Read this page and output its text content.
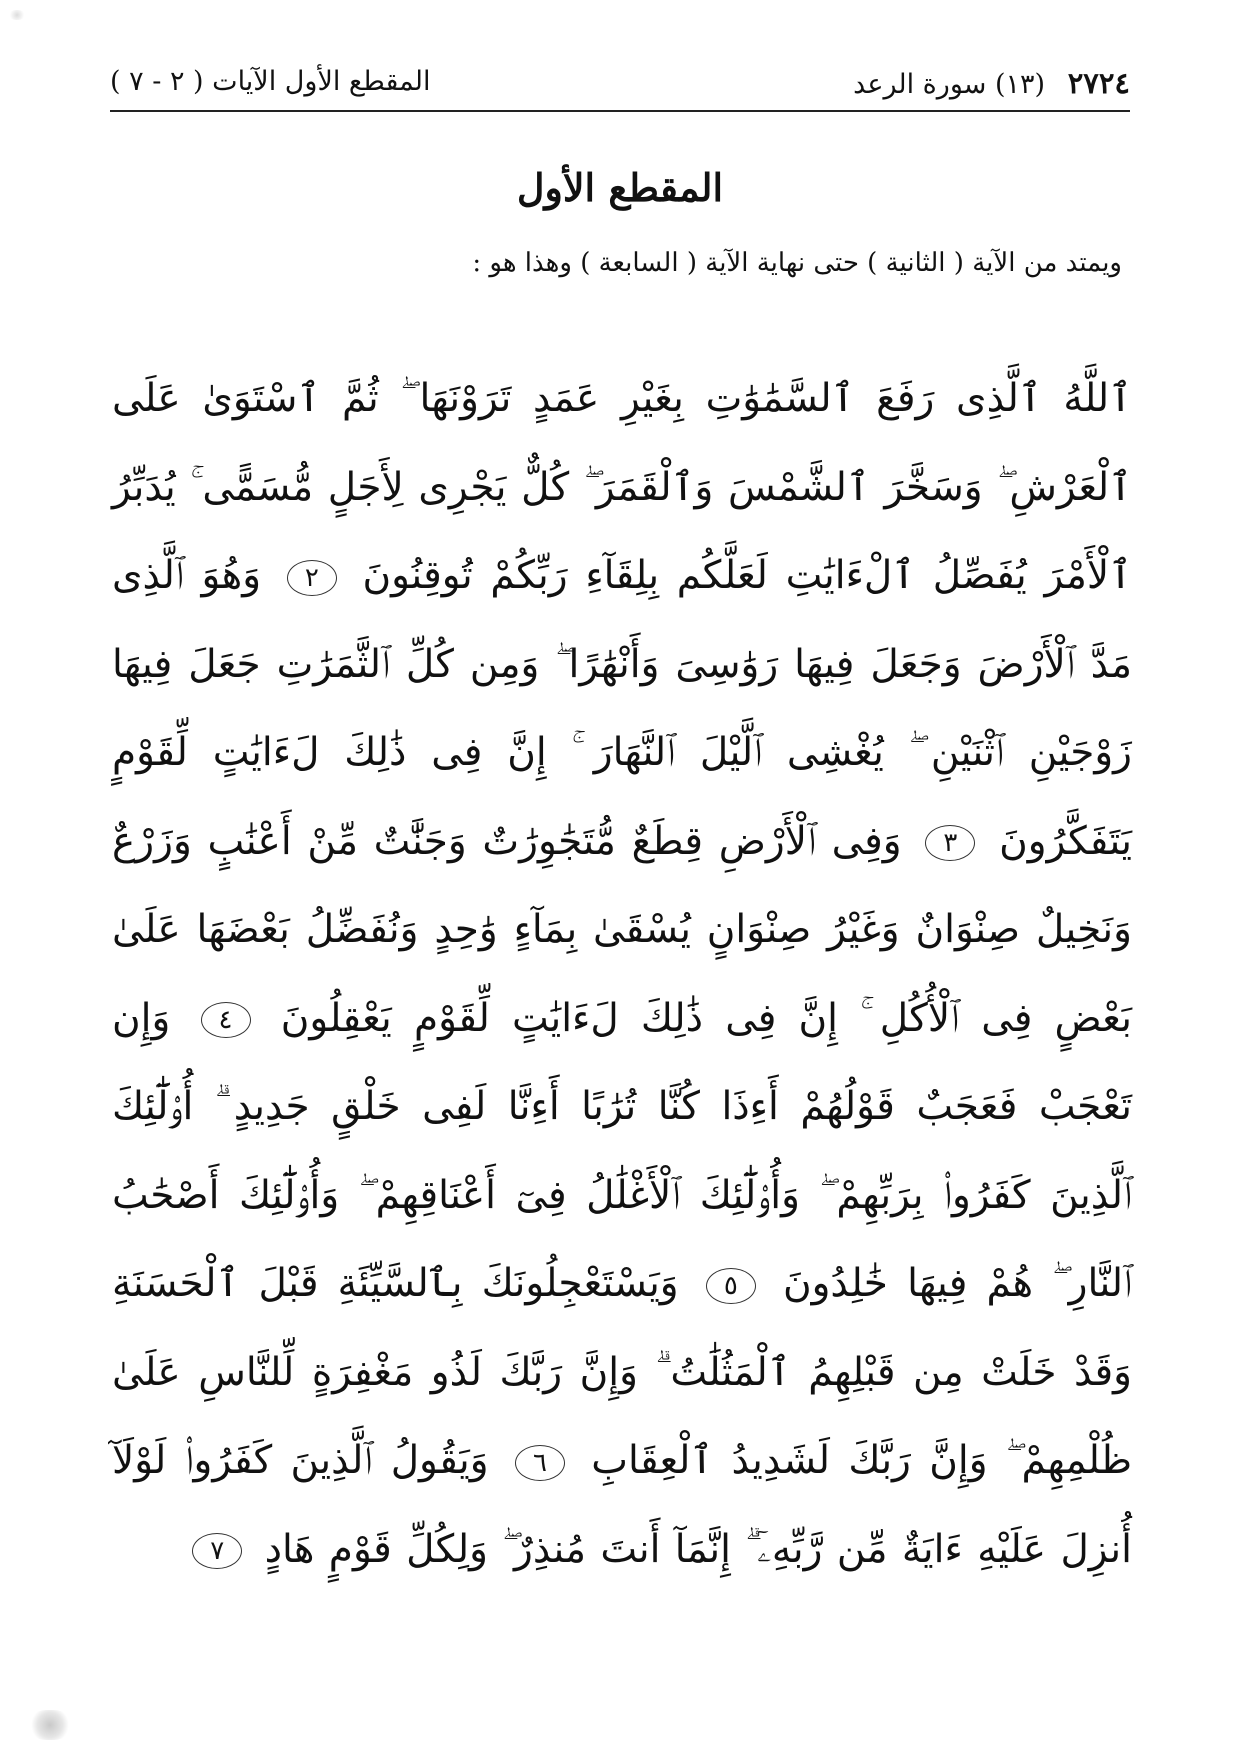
٢٧٢٤ (١٣) سورة الرعد
المقطع الأول الآيات ( ٢ - ٧ )
المقطع الأول
ويمتد من الآية ( الثانية ) حتى نهاية الآية ( السابعة ) وهذا هو :
ٱللَّهُ ٱلَّذِى رَفَعَ ٱلسَّمَٰوَٰتِ بِغَيْرِ عَمَدٍ تَرَوْنَهَا ۖ ثُمَّ ٱسْتَوَىٰ عَلَى ٱلْعَرْشِ ۖ وَسَخَّرَ ٱلشَّمْسَ وَٱلْقَمَرَ ۖ كُلٌّ يَجْرِى لِأَجَلٍ مُّسَمًّى ۚ يُدَبِّرُ ٱلْأَمْرَ يُفَصِّلُ ٱلْءَايَٰتِ لَعَلَّكُم بِلِقَآءِ رَبِّكُمْ تُوقِنُونَ ٢ وَهُوَ ٱلَّذِى مَدَّ ٱلْأَرْضَ وَجَعَلَ فِيهَا رَوَٰسِىَ وَأَنْهَٰرًا ۖ وَمِن كُلِّ ٱلثَّمَرَٰتِ جَعَلَ فِيهَا زَوْجَيْنِ ٱثْنَيْنِ ۖ يُغْشِى ٱلَّيْلَ ٱلنَّهَارَ ۚ إِنَّ فِى ذَٰلِكَ لَءَايَٰتٍ لِّقَوْمٍ يَتَفَكَّرُونَ ٣ وَفِى ٱلْأَرْضِ قِطَعٌ مُّتَجَٰوِرَٰتٌ وَجَنَّٰتٌ مِّنْ أَعْنَٰبٍ وَزَرْعٌ وَنَخِيلٌ صِنْوَانٌ وَغَيْرُ صِنْوَانٍ يُسْقَىٰ بِمَآءٍ وَٰحِدٍ وَنُفَضِّلُ بَعْضَهَا عَلَىٰ بَعْضٍ فِى ٱلْأُكُلِ ۚ إِنَّ فِى ذَٰلِكَ لَءَايَٰتٍ لِّقَوْمٍ يَعْقِلُونَ ٤ وَإِن تَعْجَبْ فَعَجَبٌ قَوْلُهُمْ أَءِذَا كُنَّا تُرَٰبًا أَءِنَّا لَفِى خَلْقٍ جَدِيدٍ ۗ أُو۟لَٰٓئِكَ ٱلَّذِينَ كَفَرُوا۟ بِرَبِّهِمْ ۖ وَأُو۟لَٰٓئِكَ ٱلْأَغْلَٰلُ فِىٓ أَعْنَاقِهِمْ ۖ وَأُو۟لَٰٓئِكَ أَصْحَٰبُ ٱلنَّارِ ۖ هُمْ فِيهَا خَٰلِدُونَ ٥ وَيَسْتَعْجِلُونَكَ بِٱلسَّيِّئَةِ قَبْلَ ٱلْحَسَنَةِ وَقَدْ خَلَتْ مِن قَبْلِهِمُ ٱلْمَثُلَٰتُ ۗ وَإِنَّ رَبَّكَ لَذُو مَغْفِرَةٍ لِّلنَّاسِ عَلَىٰ ظُلْمِهِمْ ۖ وَإِنَّ رَبَّكَ لَشَدِيدُ ٱلْعِقَابِ ٦ وَيَقُولُ ٱلَّذِينَ كَفَرُوا۟ لَوْلَآ أُنزِلَ عَلَيْهِ ءَايَةٌ مِّن رَّبِّهِۦٓ ۗ إِنَّمَآ أَنتَ مُنذِرٌ ۖ وَلِكُلِّ قَوْمٍ هَادٍ ٧
